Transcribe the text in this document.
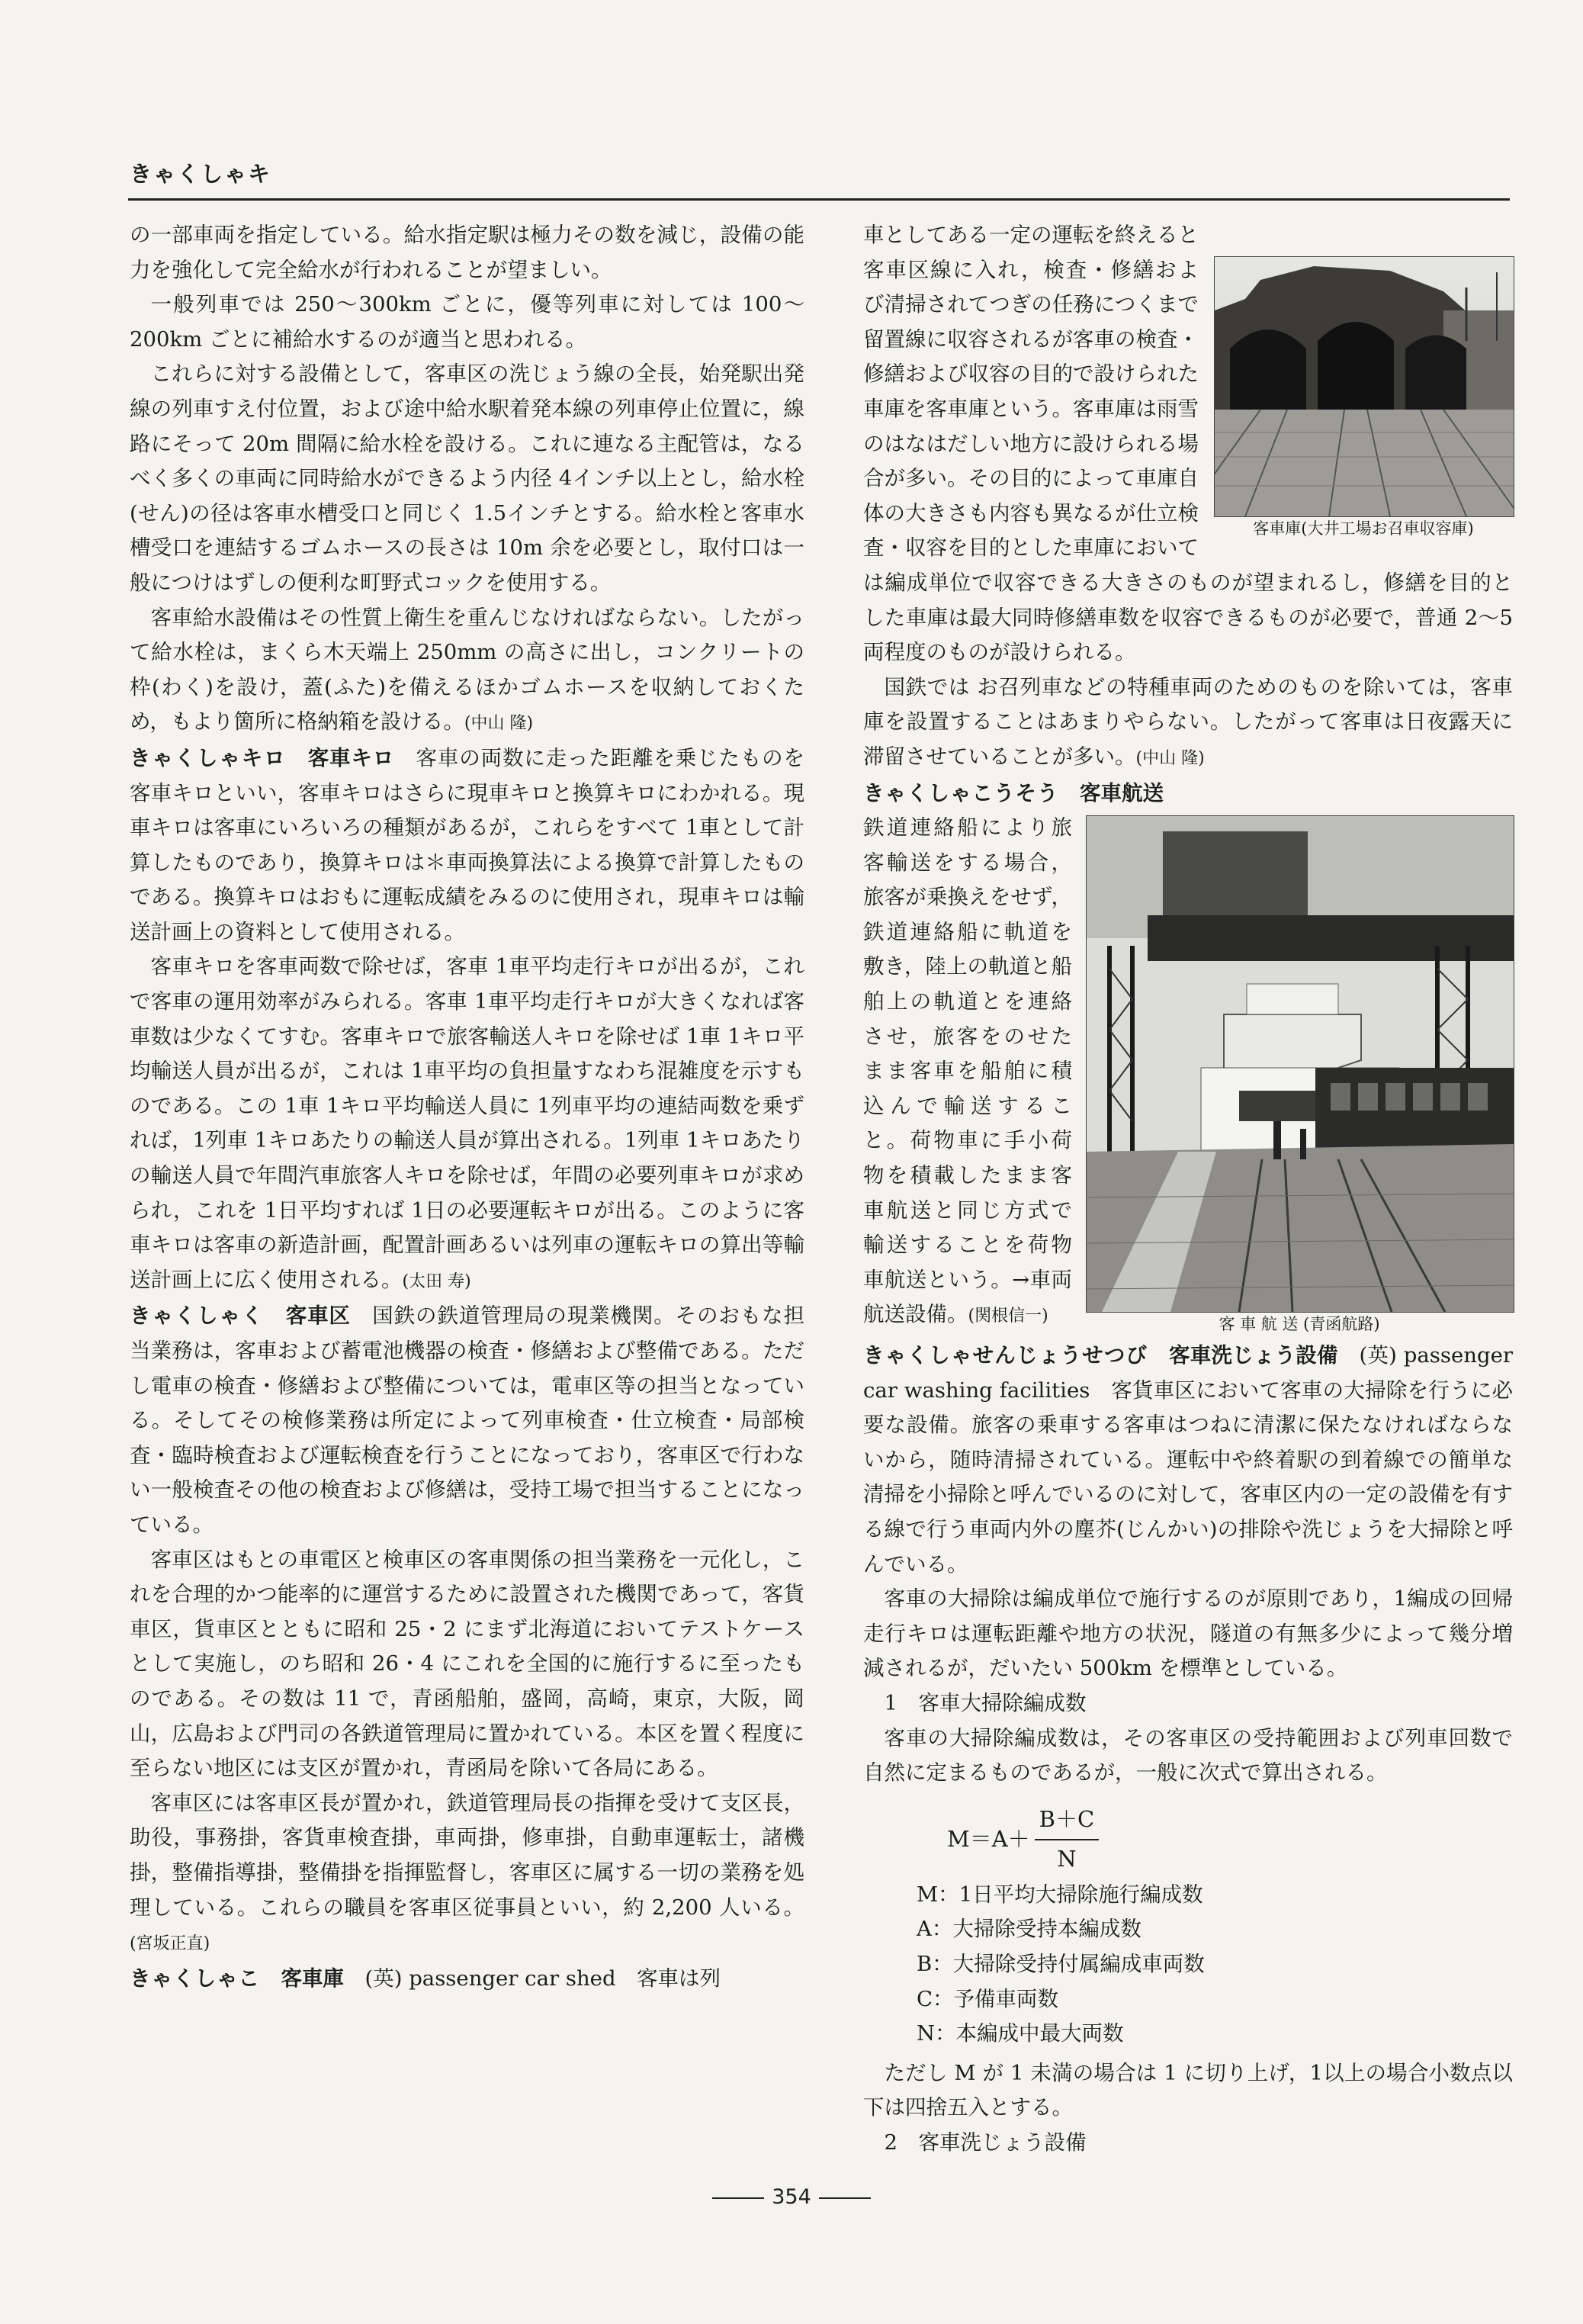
きゃくしゃキ

の一部車両を指定している。給水指定駅は極力その数を減じ，設備の能力を強化して完全給水が行われることが望ましい。

一般列車では 250～300km ごとに，優等列車に対しては 100～200km ごとに補給水するのが適当と思われる。

これらに対する設備として，客車区の洗じょう線の全長，始発駅出発線の列車すえ付位置，および途中給水駅着発本線の列車停止位置に，線路にそって 20m 間隔に給水栓を設ける。これに連なる主配管は，なるべく多くの車両に同時給水ができるよう内径 4インチ以上とし，給水栓(せん)の径は客車水槽受口と同じく 1.5インチとする。給水栓と客車水槽受口を連結するゴムホースの長さは 10m 余を必要とし，取付口は一般につけはずしの便利な町野式コックを使用する。

客車給水設備はその性質上衛生を重んじなければならない。したがって給水栓は，まくら木天端上 250mm の高さに出し，コンクリートの枠(わく)を設け，蓋(ふた)を備えるほかゴムホースを収納しておくため，もより箇所に格納箱を設ける。(中山 隆)

きゃくしゃキロ　 客車キロ　 客車の両数に走った距離を乗じたものを客車キロといい，客車キロはさらに現車キロと換算キロにわかれる。現車キロは客車にいろいろの種類があるが，これらをすべて 1車として計算したものであり，換算キロは＊車両換算法による換算で計算したものである。換算キロはおもに運転成績をみるのに使用され，現車キロは輸送計画上の資料として使用される。

客車キロを客車両数で除せば，客車 1車平均走行キロが出るが，これで客車の運用効率がみられる。客車 1車平均走行キロが大きくなれば客車数は少なくてすむ。客車キロで旅客輸送人キロを除せば 1車 1キロ平均輸送人員が出るが，これは 1車平均の負担量すなわち混雑度を示すものである。この 1車 1キロ平均輸送人員に 1列車平均の連結両数を乗ずれば，1列車 1キロあたりの輸送人員が算出される。1列車 1キロあたりの輸送人員で年間汽車旅客人キロを除せば，年間の必要列車キロが求められ，これを 1日平均すれば 1日の必要運転キロが出る。このように客車キロは客車の新造計画，配置計画あるいは列車の運転キロの算出等輸送計画上に広く使用される。(太田 寿)

きゃくしゃく　 客車区　 国鉄の鉄道管理局の現業機関。そのおもな担当業務は，客車および蓄電池機器の検査・修繕および整備である。ただし電車の検査・修繕および整備については，電車区等の担当となっている。そしてその検修業務は所定によって列車検査・仕立検査・局部検査・臨時検査および運転検査を行うことになっており，客車区で行わない一般検査その他の検査および修繕は，受持工場で担当することになっている。

客車区はもとの車電区と検車区の客車関係の担当業務を一元化し，これを合理的かつ能率的に運営するために設置された機関であって，客貨車区，貨車区とともに昭和 25・2 にまず北海道においてテストケースとして実施し，のち昭和 26・4 にこれを全国的に施行するに至ったものである。その数は 11 で，青函船舶，盛岡，高崎，東京，大阪，岡山，広島および門司の各鉄道管理局に置かれている。本区を置く程度に至らない地区には支区が置かれ，青函局を除いて各局にある。

客車区には客車区長が置かれ，鉄道管理局長の指揮を受けて支区長，助役，事務掛，客貨車検査掛，車両掛，修車掛，自動車運転士，諸機掛，整備指導掛，整備掛を指揮監督し，客車区に属する一切の業務を処理している。これらの職員を客車区従事員といい，約 2,200 人いる。(宮坂正直)

きゃくしゃこ　 客車庫　 (英) passenger car shed　 客車は列

客車庫(大井工場お召車収容庫)

車としてある一定の運転を終えると客車区線に入れ，検査・修繕および清掃されてつぎの任務につくまで留置線に収容されるが客車の検査・修繕および収容の目的で設けられた車庫を客車庫という。客車庫は雨雪のはなはだしい地方に設けられる場合が多い。その目的によって車庫自体の大きさも内容も異なるが仕立検査・収容を目的とした車庫においては編成単位で収容できる大きさのものが望まれるし，修繕を目的とした車庫は最大同時修繕車数を収容できるものが必要で，普通 2～5 両程度のものが設けられる。

国鉄では お召列車などの特種車両のためのものを除いては，客車庫を設置することはあまりやらない。したがって客車は日夜露天に滞留させていることが多い。(中山 隆)

きゃくしゃこうそう　 客車航送

客 車 航 送 (青函航路)

鉄道連絡船により旅客輸送をする場合，旅客が乗換えをせず，鉄道連絡船に軌道を敷き，陸上の軌道と船舶上の軌道とを連絡させ，旅客をのせたまま客車を船舶に積込んで輸送すること。荷物車に手小荷物を積載したまま客車航送と同じ方式で輸送することを荷物車航送という。→車両航送設備。(関根信一)

きゃくしゃせんじょうせつび　 客車洗じょう設備　 (英) passenger car washing facilities　 客貨車区において客車の大掃除を行うに必要な設備。旅客の乗車する客車はつねに清潔に保たなければならないから，随時清掃されている。運転中や終着駅の到着線での簡単な清掃を小掃除と呼んでいるのに対して，客車区内の一定の設備を有する線で行う車両内外の塵芥(じんかい)の排除や洗じょうを大掃除と呼んでいる。

客車の大掃除は編成単位で施行するのが原則であり，1編成の回帰走行キロは運転距離や地方の状況，隧道の有無多少によって幾分増減されるが，だいたい 500km を標準としている。

1　客車大掃除編成数

客車の大掃除編成数は，その客車区の受持範囲および列車回数で自然に定まるものであるが，一般に次式で算出される。

$M=A+ \frac{B+C}{N}$
M：1日平均大掃除施行編成数
A：大掃除受持本編成数
B：大掃除受持付属編成車両数
C：予備車両数
N：本編成中最大両数

ただし M が 1 未満の場合は 1 に切り上げ，1以上の場合小数点以下は四捨五入とする。

2　客車洗じょう設備

354
